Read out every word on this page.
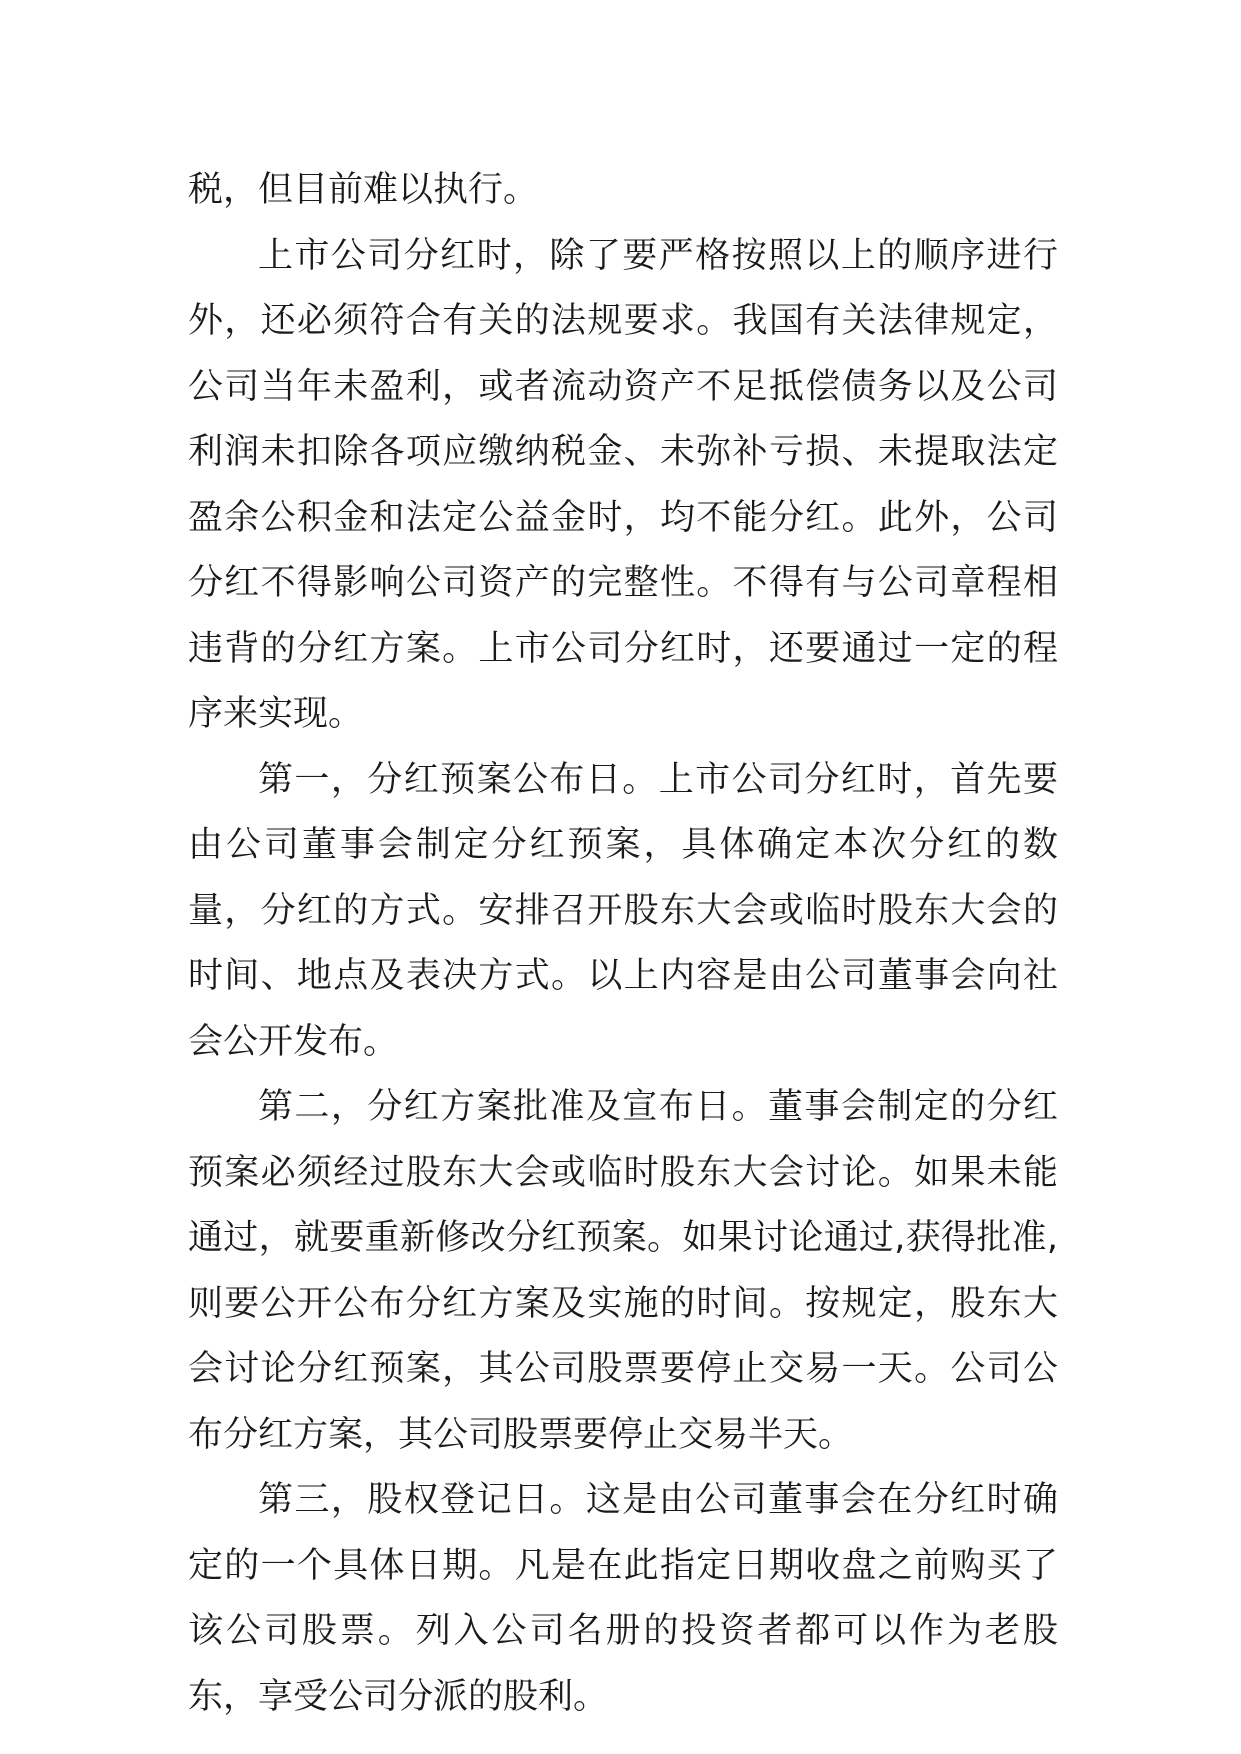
税，但目前难以执行。

上市公司分红时，除了要严格按照以上的顺序进行外，还必须符合有关的法规要求。我国有关法律规定，公司当年未盈利，或者流动资产不足抵偿债务以及公司利润未扣除各项应缴纳税金、未弥补亏损、未提取法定盈余公积金和法定公益金时，均不能分红。此外，公司分红不得影响公司资产的完整性。不得有与公司章程相违背的分红方案。上市公司分红时，还要通过一定的程序来实现。

第一，分红预案公布日。上市公司分红时，首先要由公司董事会制定分红预案，具体确定本次分红的数量，分红的方式。安排召开股东大会或临时股东大会的时间、地点及表决方式。以上内容是由公司董事会向社会公开发布。

第二，分红方案批准及宣布日。董事会制定的分红预案必须经过股东大会或临时股东大会讨论。如果未能通过，就要重新修改分红预案。如果讨论通过,获得批准,则要公开公布分红方案及实施的时间。按规定，股东大会讨论分红预案，其公司股票要停止交易一天。公司公布分红方案，其公司股票要停止交易半天。

第三，股权登记日。这是由公司董事会在分红时确定的一个具体日期。凡是在此指定日期收盘之前购买了该公司股票。列入公司名册的投资者都可以作为老股东，享受公司分派的股利。
